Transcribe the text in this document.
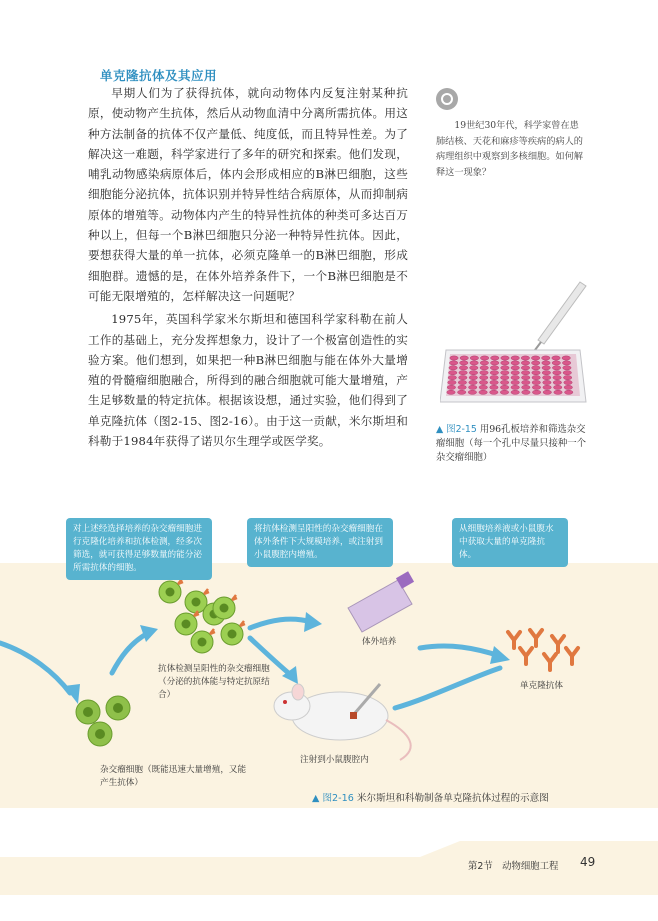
单克隆抗体及其应用

早期人们为了获得抗体，就向动物体内反复注射某种抗原，使动物产生抗体，然后从动物血清中分离所需抗体。用这种方法制备的抗体不仅产量低、纯度低，而且特异性差。为了解决这一难题，科学家进行了多年的研究和探索。他们发现，哺乳动物感染病原体后，体内会形成相应的B淋巴细胞，这些细胞能分泌抗体，抗体识别并特异性结合病原体，从而抑制病原体的增殖等。动物体内产生的特异性抗体的种类可多达百万种以上，但每一个B淋巴细胞只分泌一种特异性抗体。因此，要想获得大量的单一抗体，必须克隆单一的B淋巴细胞，形成细胞群。遗憾的是，在体外培养条件下，一个B淋巴细胞是不可能无限增殖的，怎样解决这一问题呢？

1975年，英国科学家米尔斯坦和德国科学家科勒在前人工作的基础上，充分发挥想象力，设计了一个极富创造性的实验方案。他们想到，如果把一种B淋巴细胞与能在体外大量增殖的骨髓瘤细胞融合，所得到的融合细胞就可能大量增殖，产生足够数量的特定抗体。根据该设想，通过实验，他们得到了单克隆抗体（图2-15、图2-16）。由于这一贡献，米尔斯坦和科勒于1984年获得了诺贝尔生理学或医学奖。

19世纪30年代，科学家曾在患肺结核、天花和麻疹等疾病的病人的病理组织中观察到多核细胞。如何解释这一现象？
▲ 图2-15 用96孔板培养和筛选杂交瘤细胞（每一个孔中尽量只接种一个杂交瘤细胞）
对上述经选择培养的杂交瘤细胞进行克隆化培养和抗体检测，经多次筛选，就可获得足够数量的能分泌所需抗体的细胞。
将抗体检测呈阳性的杂交瘤细胞在体外条件下大规模培养，或注射到小鼠腹腔内增殖。
从细胞培养液或小鼠腹水中获取大量的单克隆抗体。
抗体检测呈阳性的杂交瘤细胞（分泌的抗体能与特定抗原结合）
杂交瘤细胞（既能迅速大量增殖，又能产生抗体）
体外培养
注射到小鼠腹腔内
单克隆抗体
▲ 图2-16 米尔斯坦和科勒制备单克隆抗体过程的示意图
第2节　动物细胞工程 49
